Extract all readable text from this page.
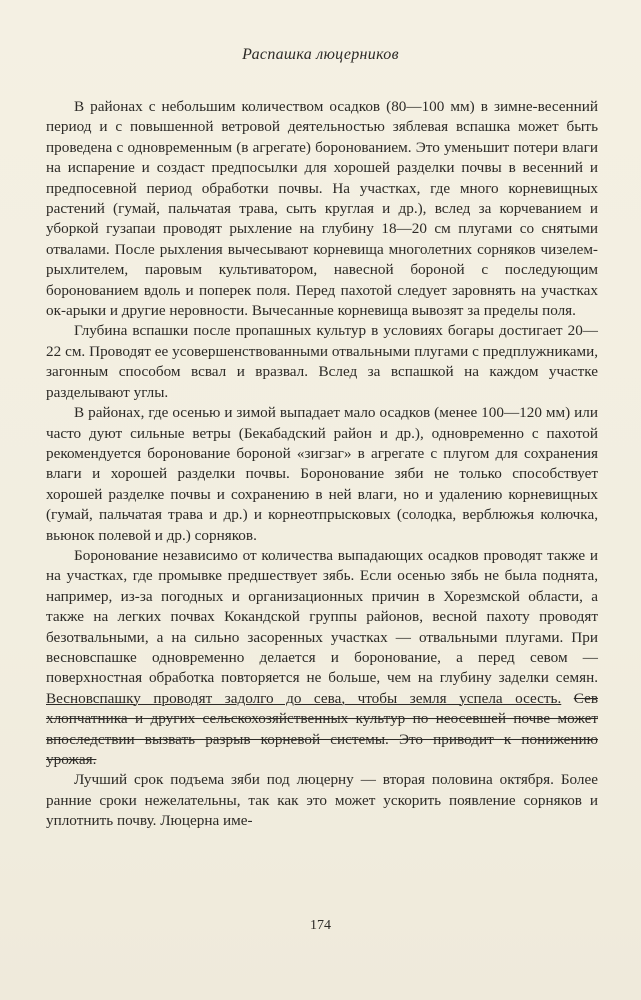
Распашка люцерников

В районах с небольшим количеством осадков (80—100 мм) в зимне-весенний период и с повышенной ветровой деятельностью зяблевая вспашка может быть проведена с одновременным (в агрегате) боронованием. Это уменьшит потери влаги на испарение и создаст предпосылки для хорошей разделки почвы в весенний и предпосевной период обработки почвы. На участках, где много корневищных растений (гумай, пальчатая трава, сыть круглая и др.), вслед за корчеванием и уборкой гузапаи проводят рыхление на глубину 18—20 см плугами со снятыми отвалами. После рыхления вычесывают корневища многолетних сорняков чизелем-рыхлителем, паровым культиватором, навесной бороной с последующим боронованием вдоль и поперек поля. Перед пахотой следует заровнять на участках ок-арыки и другие неровности. Вычесанные корневища вывозят за пределы поля.

Глубина вспашки после пропашных культур в условиях богары достигает 20—22 см. Проводят ее усовершенствованными отвальными плугами с предплужниками, загонным способом всвал и вразвал. Вслед за вспашкой на каждом участке разделывают углы.

В районах, где осенью и зимой выпадает мало осадков (менее 100—120 мм) или часто дуют сильные ветры (Бекабадский район и др.), одновременно с пахотой рекомендуется боронование бороной «зигзаг» в агрегате с плугом для сохранения влаги и хорошей разделки почвы. Боронование зяби не только способствует хорошей разделке почвы и сохранению в ней влаги, но и удалению корневищных (гумай, пальчатая трава и др.) и корнеотпрысковых (солодка, верблюжья колючка, вьюнок полевой и др.) сорняков.

Боронование независимо от количества выпадающих осадков проводят также и на участках, где промывке предшествует зябь. Если осенью зябь не была поднята, например, из-за погодных и организационных причин в Хорезмской области, а также на легких почвах Кокандской группы районов, весной пахоту проводят безотвальными, а на сильно засоренных участках — отвальными плугами. При весновспашке одновременно делается и боронование, а перед севом — поверхностная обработка повторяется не больше, чем на глубину заделки семян. Весновспашку проводят задолго до сева, чтобы земля успела осесть. Сев хлопчатника и других сельскохозяйственных культур по неосевшей почве может впоследствии вызвать разрыв корневой системы. Это приводит к понижению урожая.

Лучший срок подъема зяби под люцерну — вторая половина октября. Более ранние сроки нежелательны, так как это может ускорить появление сорняков и уплотнить почву. Люцерна име-

174
